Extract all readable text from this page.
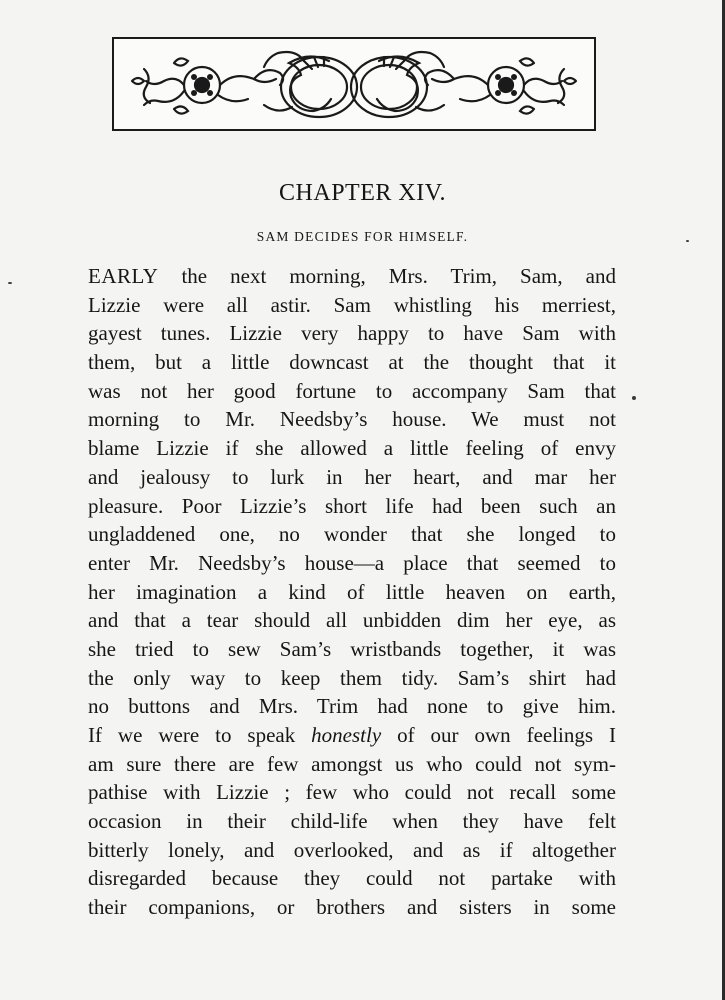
CHAPTER XIV.
SAM DECIDES FOR HIMSELF.
EARLY the next morning, Mrs. Trim, Sam, and
Lizzie were all astir. Sam whistling his merriest,
gayest tunes. Lizzie very happy to have Sam with
them, but a little downcast at the thought that it
was not her good fortune to accompany Sam that
morning to Mr. Needsby’s house. We must not
blame Lizzie if she allowed a little feeling of envy
and jealousy to lurk in her heart, and mar her
pleasure. Poor Lizzie’s short life had been such an
ungladdened one, no wonder that she longed to
enter Mr. Needsby’s house—a place that seemed to
her imagination a kind of little heaven on earth,
and that a tear should all unbidden dim her eye, as
she tried to sew Sam’s wristbands together, it was
the only way to keep them tidy. Sam’s shirt had
no buttons and Mrs. Trim had none to give him.
If we were to speak honestly of our own feelings I
am sure there are few amongst us who could not sym-
pathise with Lizzie ; few who could not recall some
occasion in their child-life when they have felt
bitterly lonely, and overlooked, and as if altogether
disregarded because they could not partake with
their companions, or brothers and sisters in some
